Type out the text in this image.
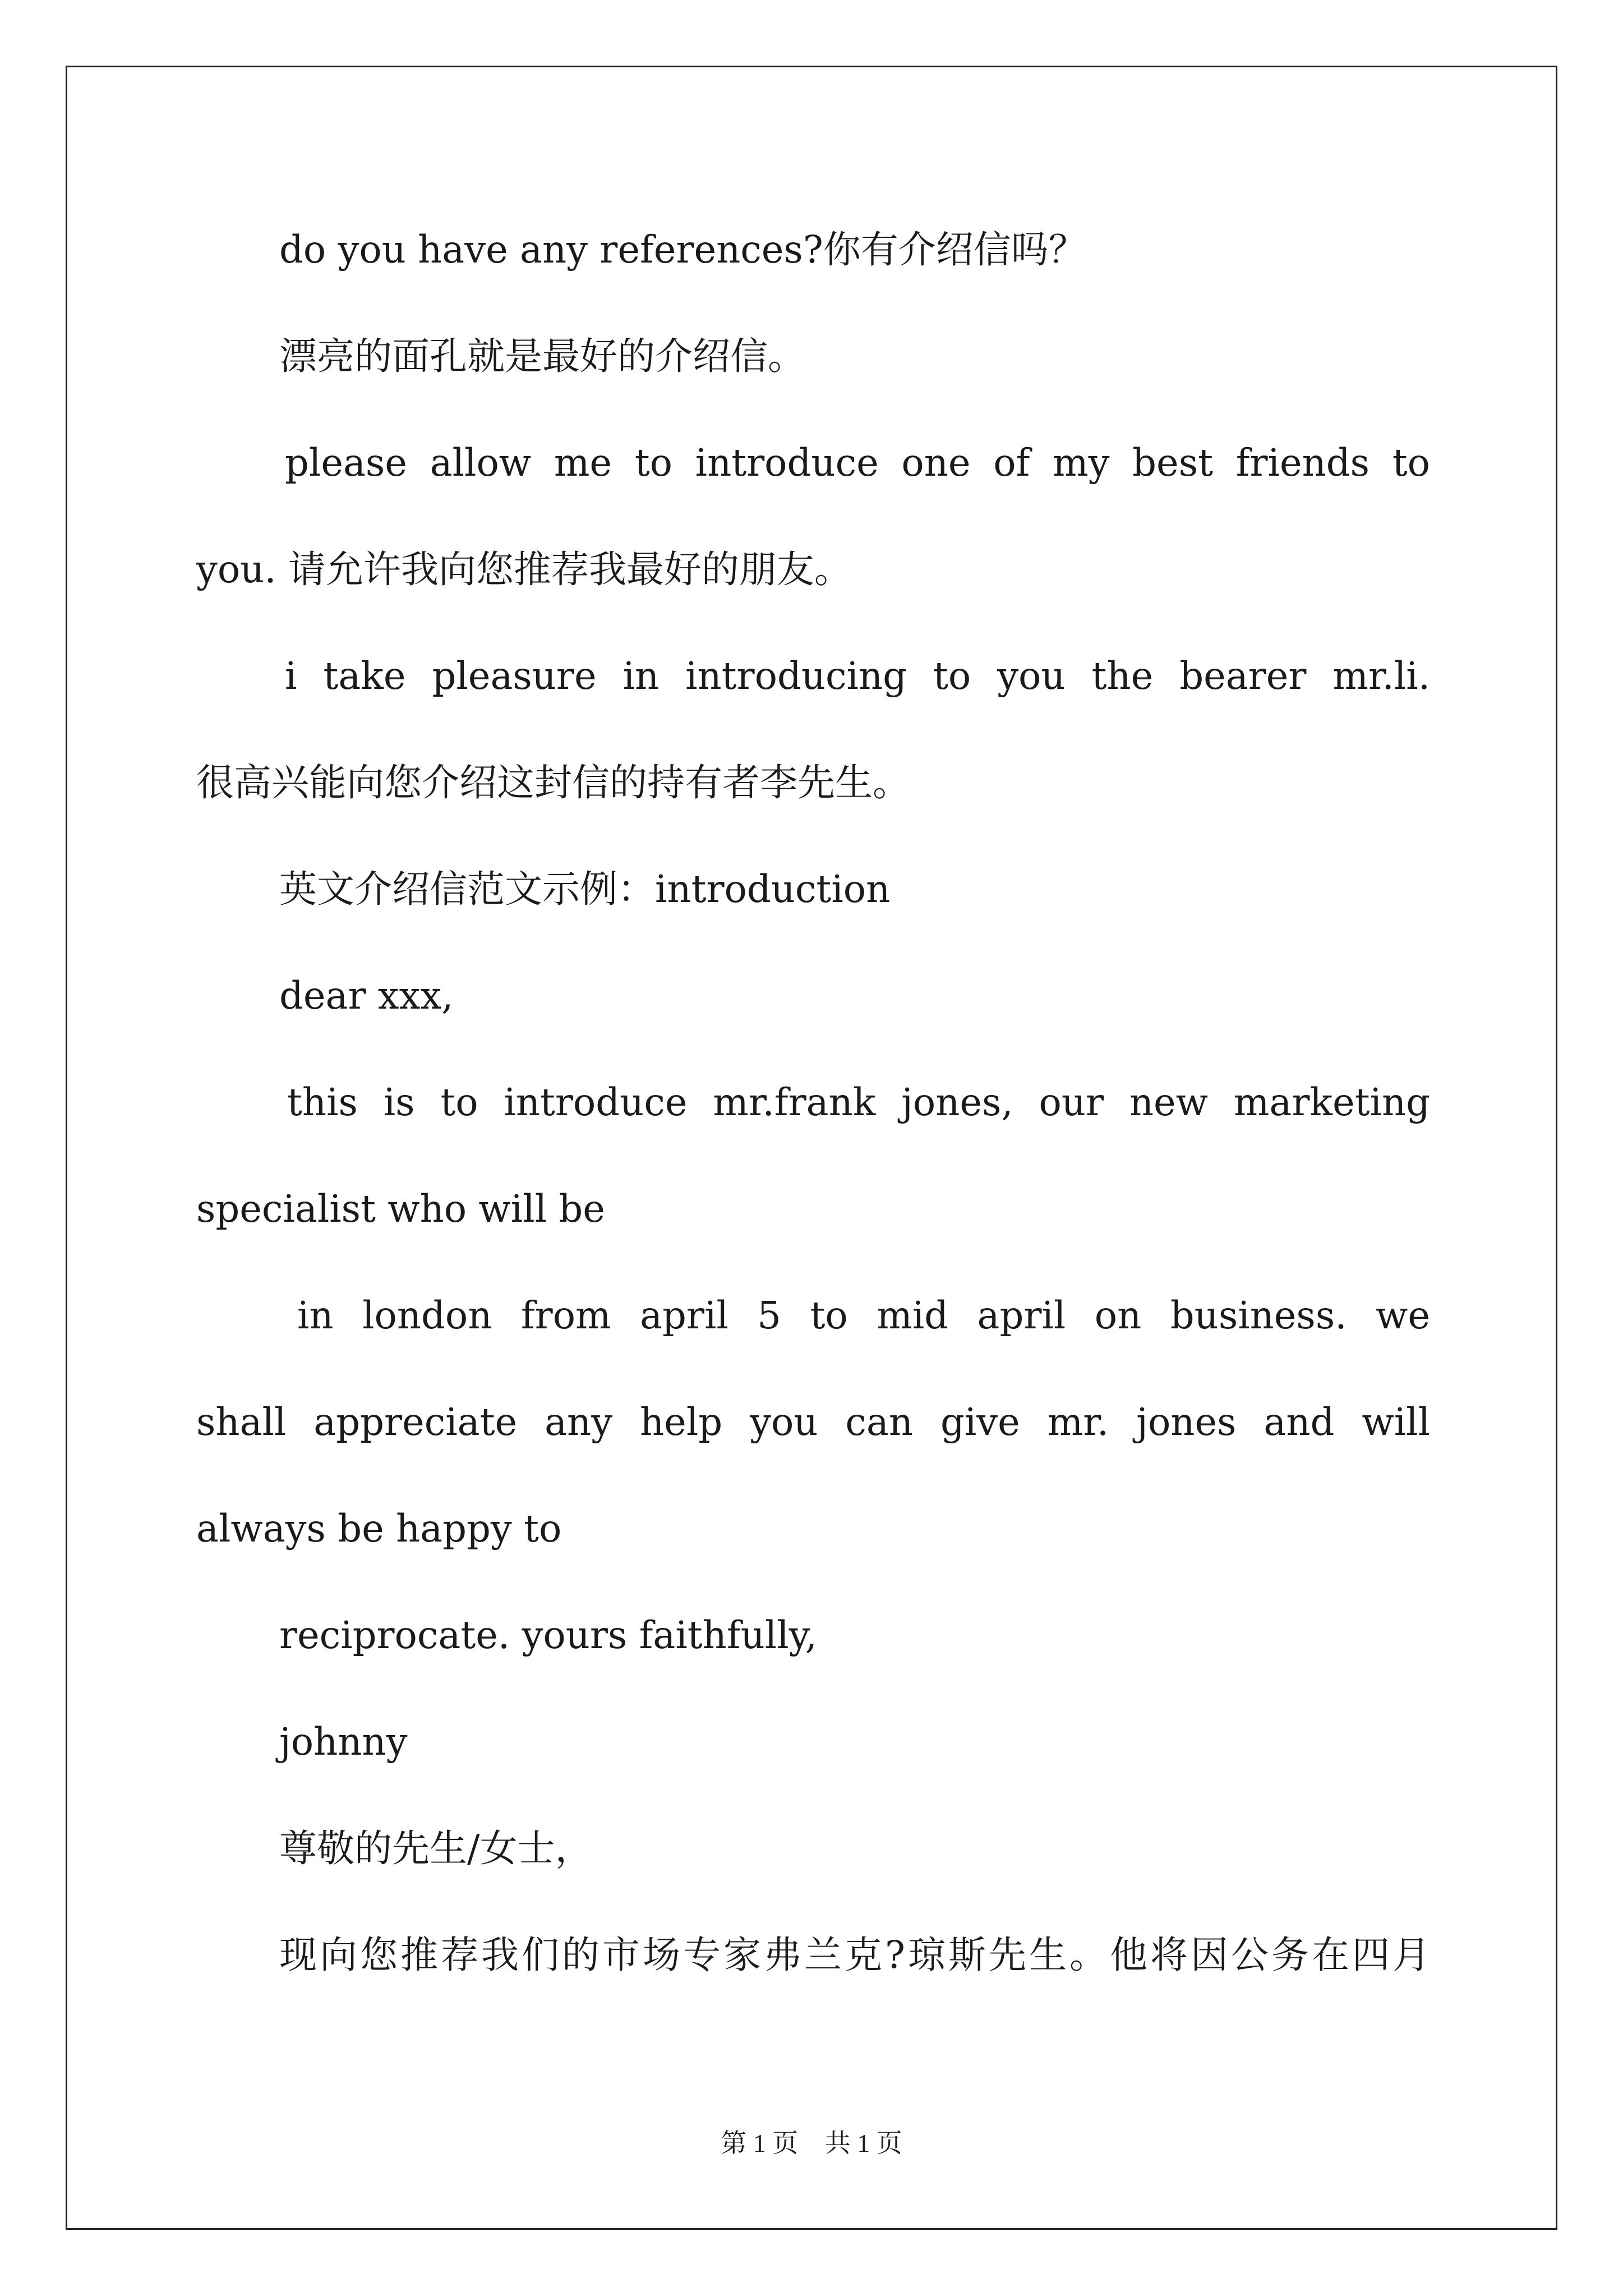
do you have any references?你有介绍信吗？
漂亮的面孔就是最好的介绍信。
please allow me to introduce one of my best friends to
you. 请允许我向您推荐我最好的朋友。
i take pleasure in introducing to you the bearer mr.li.
很高兴能向您介绍这封信的持有者李先生。
英文介绍信范文示例：introduction
dear xxx,
this is to introduce mr.frank jones, our new marketing
specialist who will be
in london from april 5 to mid april on business. we
shall appreciate any help you can give mr. jones and will
always be happy to
reciprocate. yours faithfully,
johnny
尊敬的先生/女士，
现向您推荐我们的市场专家弗兰克?琼斯先生。他将因公务在四月
第 1 页 共 1 页
